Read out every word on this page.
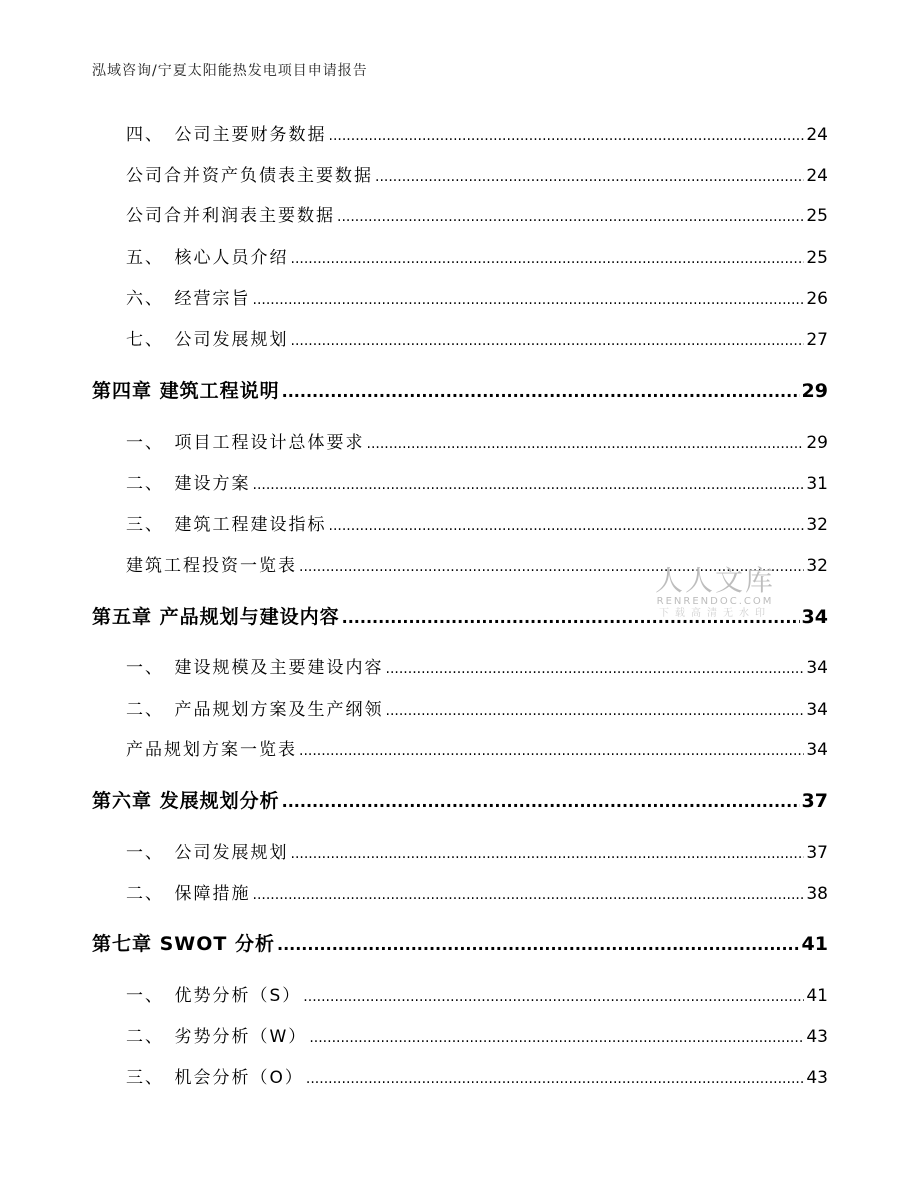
泓域咨询/宁夏太阳能热发电项目申请报告
四、　公司主要财务数据 .....	24
公司合并资产负债表主要数据 .....	24
公司合并利润表主要数据 .....	25
五、　核心人员介绍 .....	25
六、　经营宗旨 .....	26
七、　公司发展规划 .....	27
第四章 建筑工程说明 .....	29
一、　项目工程设计总体要求 .....	29
二、　建设方案 .....	31
三、　建筑工程建设指标 .....	32
建筑工程投资一览表 .....	32
第五章 产品规划与建设内容 .....	34
一、　建设规模及主要建设内容 .....	34
二、　产品规划方案及生产纲领 .....	34
产品规划方案一览表 .....	34
第六章 发展规划分析 .....	37
一、　公司发展规划 .....	37
二、　保障措施 .....	38
第七章 SWOT 分析 .....	41
一、　优势分析（S） .....	41
二、　劣势分析（W） .....	43
三、　机会分析（O） .....	43
人人文库
RENRENDOC.COM
下载高清无水印
